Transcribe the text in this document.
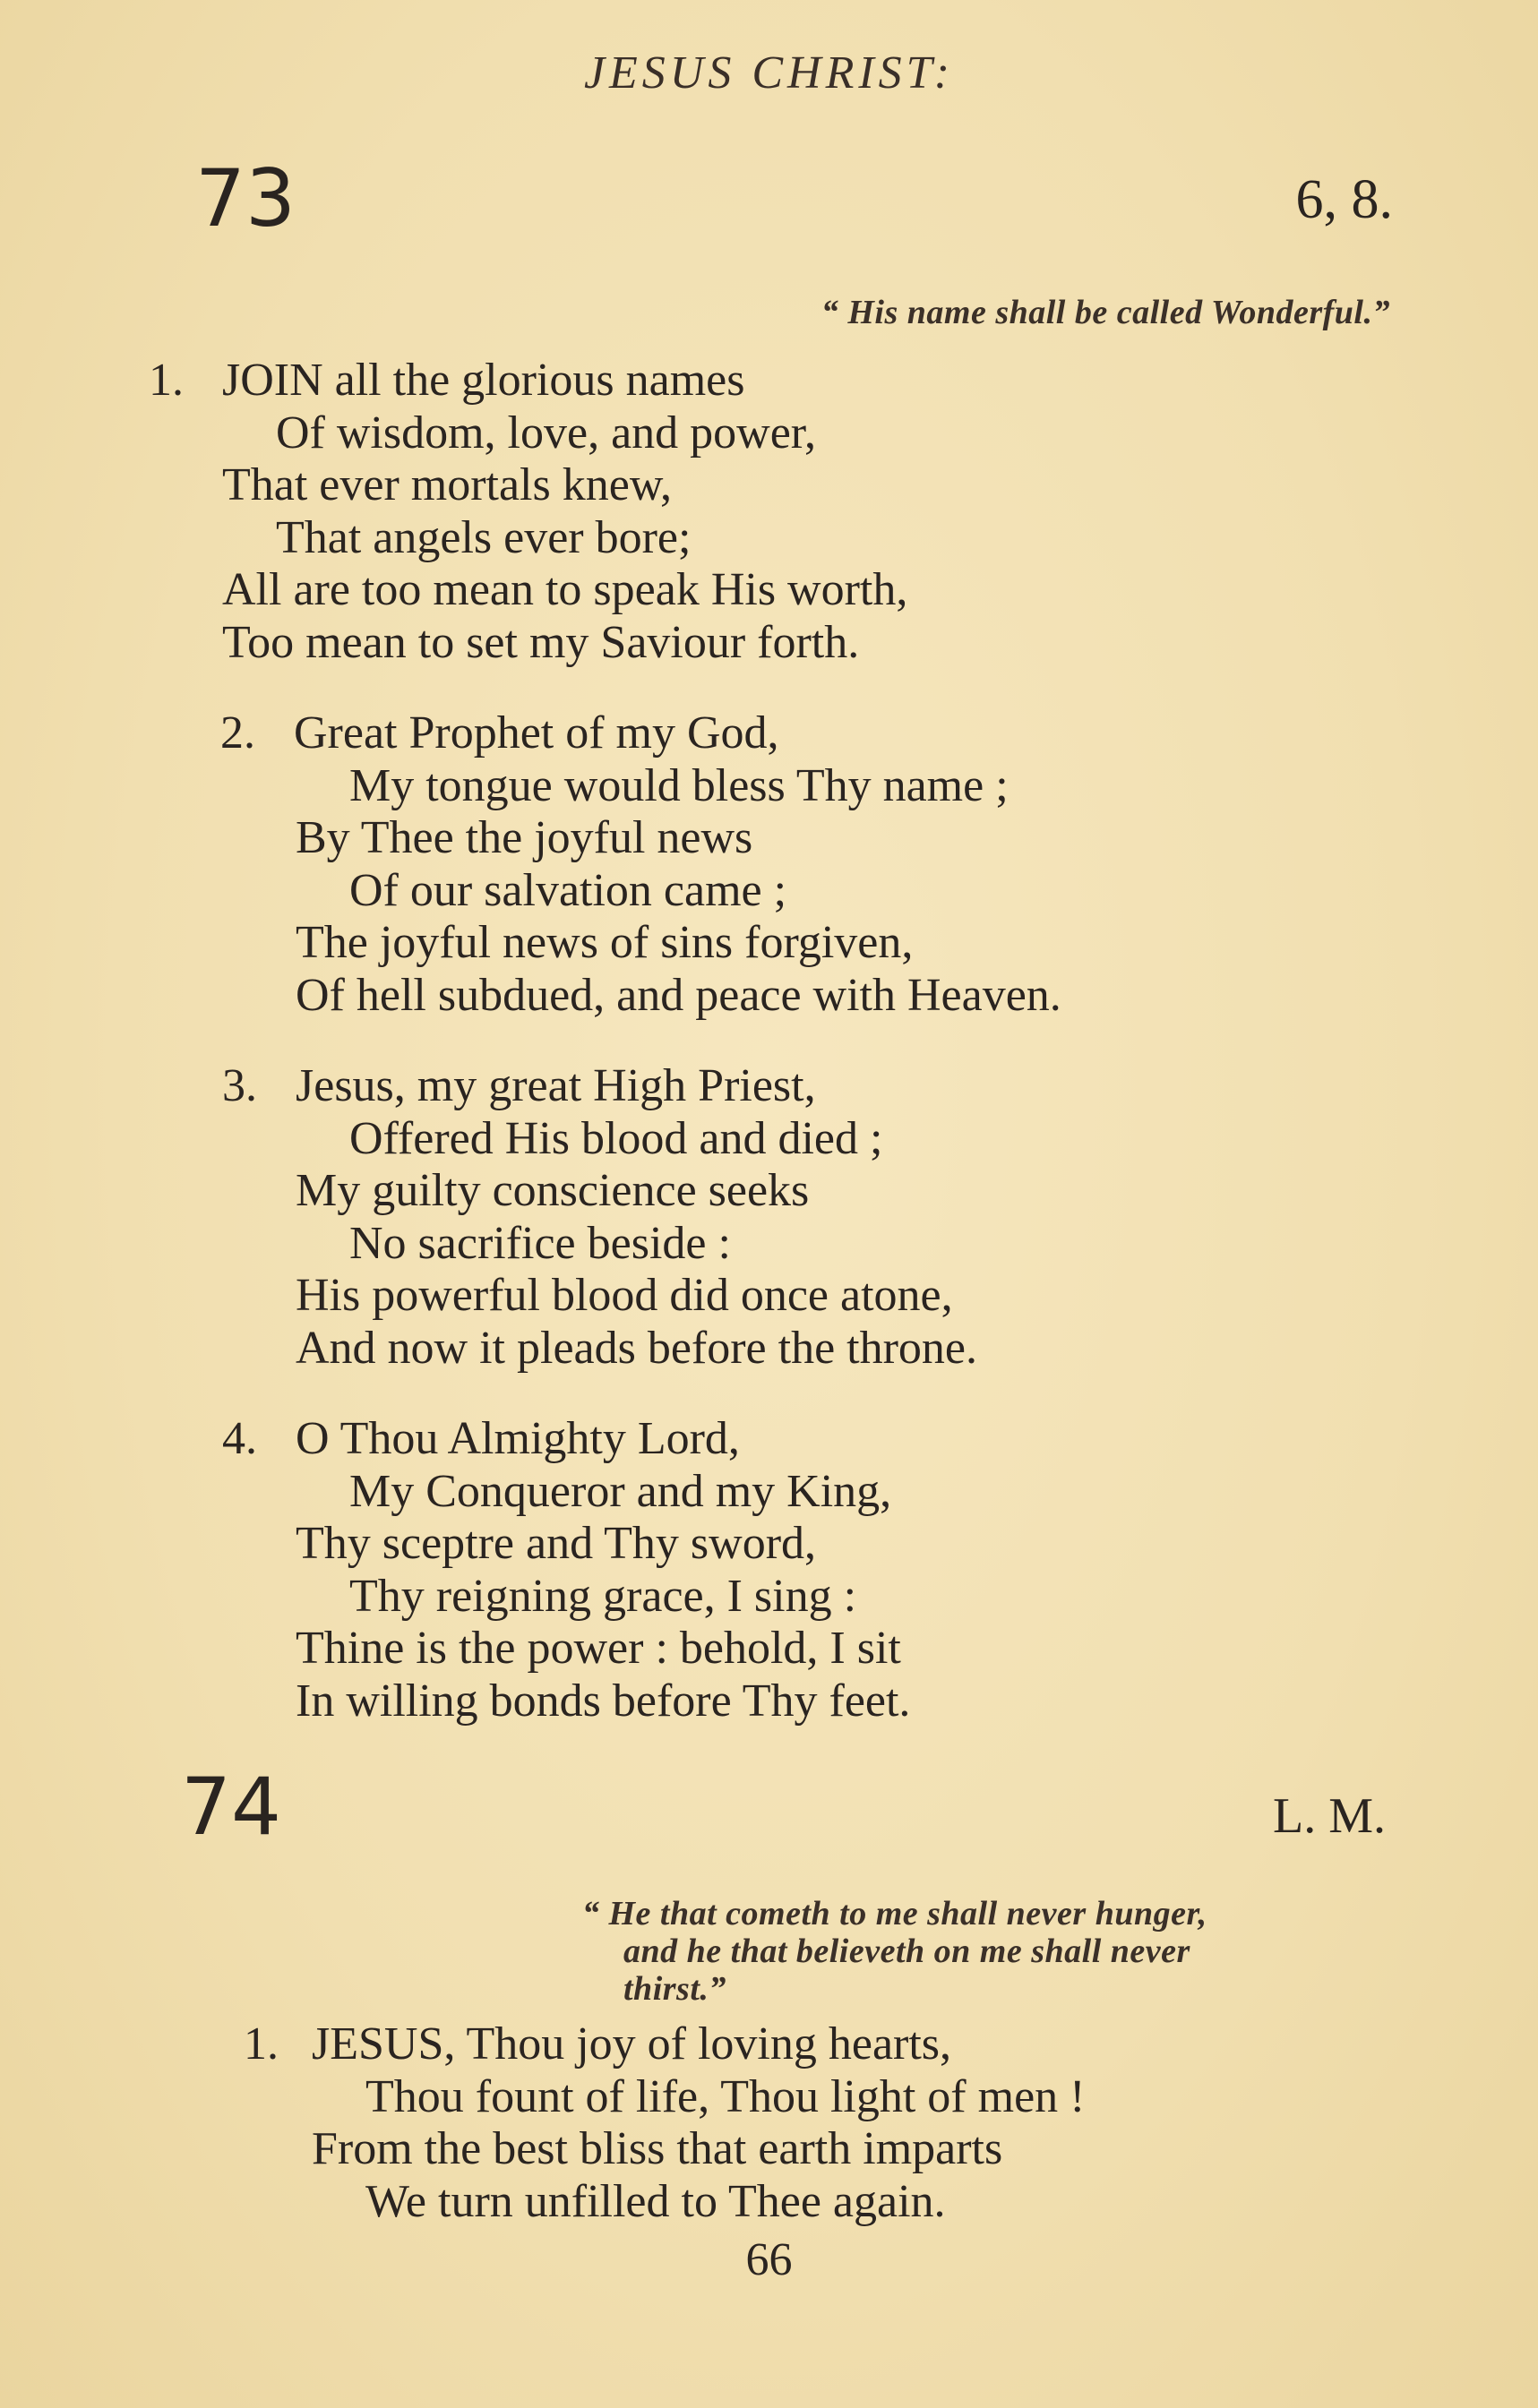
JESUS CHRIST:
73	6, 8.
“ His name shall be called Wonderful.”
1. JOIN all the glorious names
Of wisdom, love, and power,
That ever mortals knew,
That angels ever bore;
All are too mean to speak His worth,
Too mean to set my Saviour forth.
2. Great Prophet of my God,
My tongue would bless Thy name ;
By Thee the joyful news
Of our salvation came ;
The joyful news of sins forgiven,
Of hell subdued, and peace with Heaven.
3. Jesus, my great High Priest,
Offered His blood and died ;
My guilty conscience seeks
No sacrifice beside :
His powerful blood did once atone,
And now it pleads before the throne.
4. O Thou Almighty Lord,
My Conqueror and my King,
Thy sceptre and Thy sword,
Thy reigning grace, I sing :
Thine is the power : behold, I sit
In willing bonds before Thy feet.
74	L. M.
“ He that cometh to me shall never hunger,
and he that believeth on me shall never
thirst.”
1. JESUS, Thou joy of loving hearts,
Thou fount of life, Thou light of men !
From the best bliss that earth imparts
We turn unfilled to Thee again.
66
